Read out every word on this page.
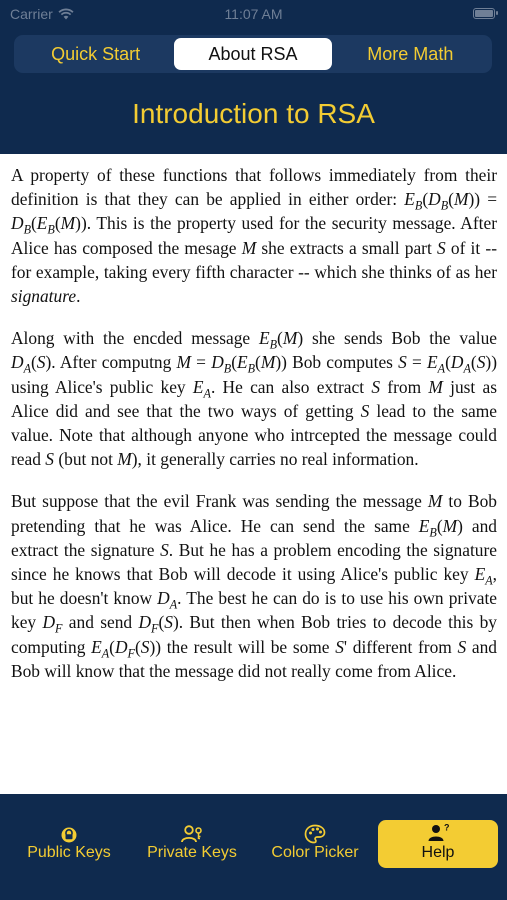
Carrier	11:07 AM
Quick Start	About RSA	More Math
Introduction to RSA

A property of these functions that follows immediately from their definition is that they can be applied in either order: $E_B(D_B(M)) = D_B(E_B(M))$. This is the property used for the security message. After Alice has composed the mesage M she extracts a small part S of it -- for example, taking every fifth character -- which she thinks of as her signature.

Along with the encded message $E_B(M)$ she sends Bob the value $D_A(S)$. After computng $M = D_B(E_B(M))$ Bob computes $S = E_A(D_A(S))$ using Alice's public key $E_A$. He can also extract S from M just as Alice did and see that the two ways of getting S lead to the same value. Note that although anyone who intrcepted the message could read S (but not M), it generally carries no real information.

But suppose that the evil Frank was sending the message M to Bob pretending that he was Alice. He can send the same $E_B(M)$ and extract the signature S. But he has a problem encoding the signature since he knows that Bob will decode it using Alice's public key $E_A$, but he doesn't know $D_A$. The best he can do is to use his own private key $D_F$ and send $D_F(S)$. But then when Bob tries to decode this by computing $E_A(D_F(S))$ the result will be some S' different from S and Bob will know that the message did not really come from Alice.

Public Keys	Private Keys	Color Picker
?
Help
